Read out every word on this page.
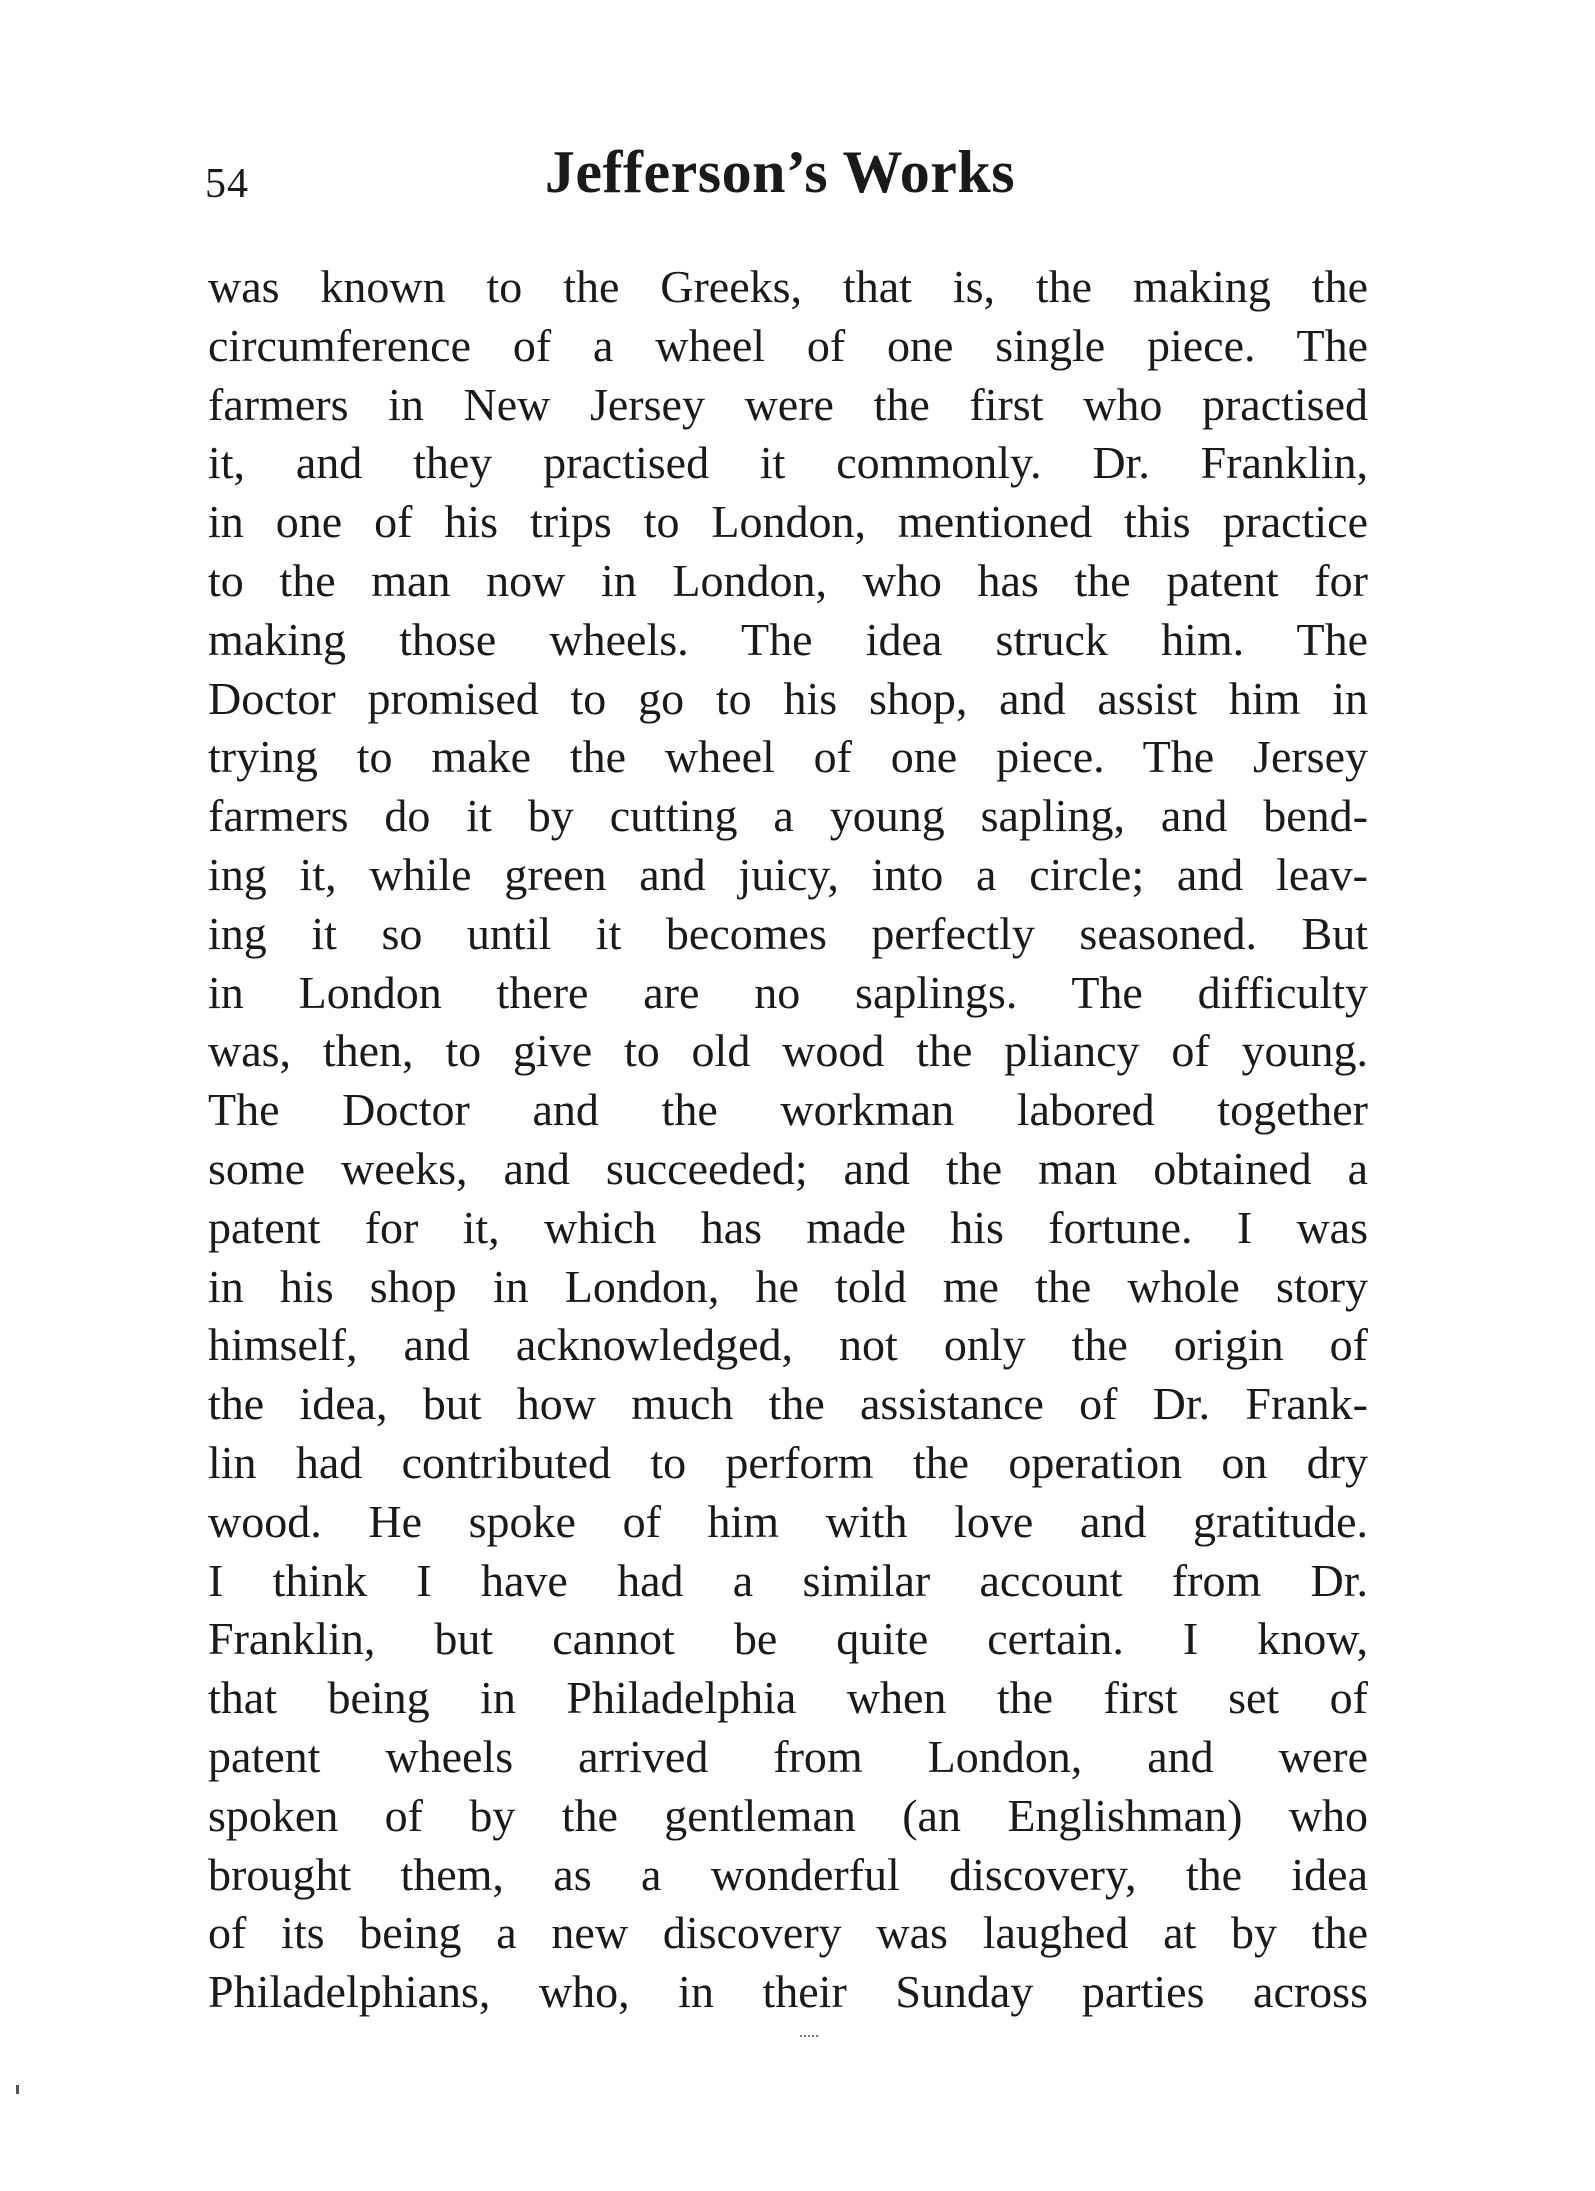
54	Jefferson’s Works
was known to the Greeks, that is, the making the
circumference of a wheel of one single piece. The
farmers in New Jersey were the first who practised
it, and they practised it commonly. Dr. Franklin,
in one of his trips to London, mentioned this practice
to the man now in London, who has the patent for
making those wheels. The idea struck him. The
Doctor promised to go to his shop, and assist him in
trying to make the wheel of one piece. The Jersey
farmers do it by cutting a young sapling, and bend-
ing it, while green and juicy, into a circle; and leav-
ing it so until it becomes perfectly seasoned. But
in London there are no saplings. The difficulty
was, then, to give to old wood the pliancy of young.
The Doctor and the workman labored together
some weeks, and succeeded; and the man obtained a
patent for it, which has made his fortune. I was
in his shop in London, he told me the whole story
himself, and acknowledged, not only the origin of
the idea, but how much the assistance of Dr. Frank-
lin had contributed to perform the operation on dry
wood. He spoke of him with love and gratitude.
I think I have had a similar account from Dr.
Franklin, but cannot be quite certain. I know,
that being in Philadelphia when the first set of
patent wheels arrived from London, and were
spoken of by the gentleman (an Englishman) who
brought them, as a wonderful discovery, the idea
of its being a new discovery was laughed at by the
Philadelphians, who, in their Sunday parties across
